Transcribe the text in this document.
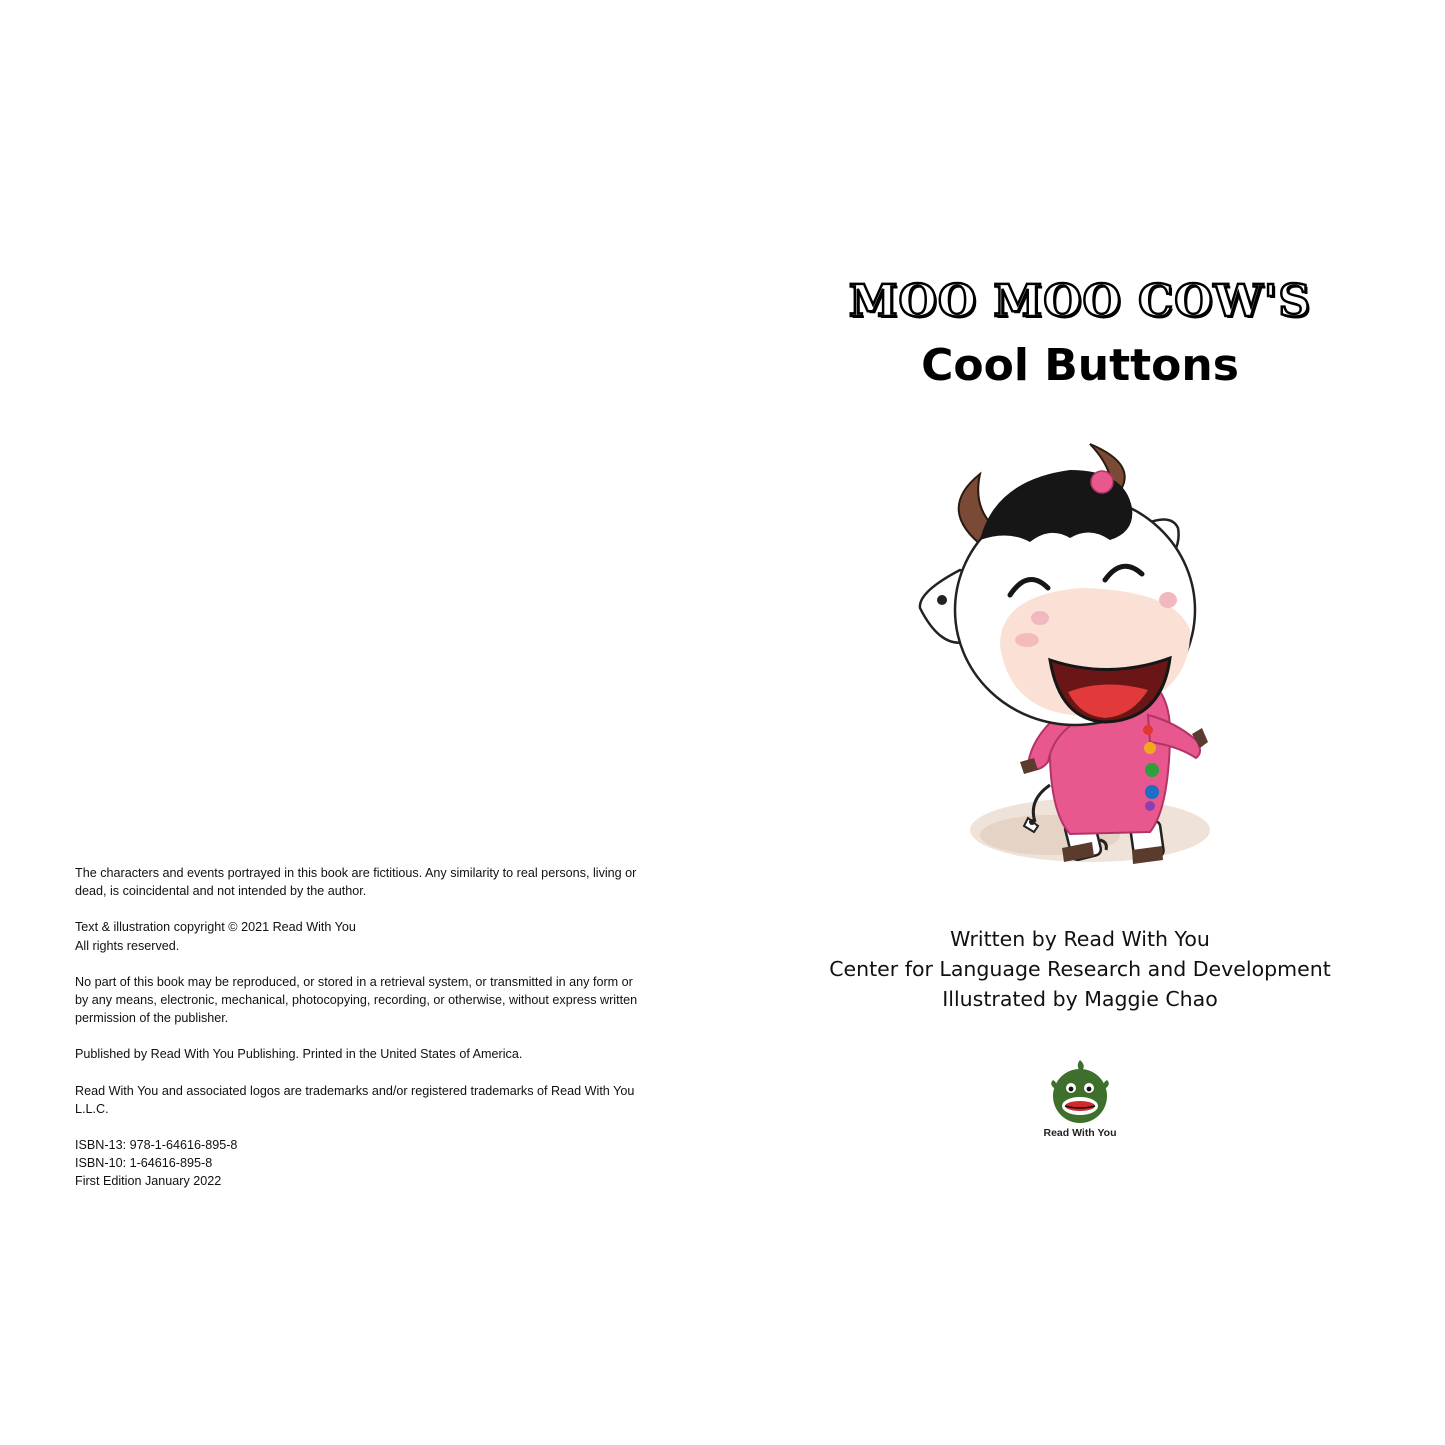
The characters and events portrayed in this book are fictitious. Any similarity to real persons, living or
dead, is coincidental and not intended by the author.

Text & illustration copyright © 2021 Read With You
All rights reserved.

No part of this book may be reproduced, or stored in a retrieval system, or transmitted in any form or
by any means, electronic, mechanical, photocopying, recording, or otherwise, without express written
permission of the publisher.

Published by Read With You Publishing. Printed in the United States of America.

Read With You and associated logos are trademarks and/or registered trademarks of Read With You
L.L.C.

ISBN-13: 978-1-64616-895-8
ISBN-10: 1-64616-895-8
First Edition January 2022

MOO MOO COW'S
Cool Buttons
Written by Read With You
Center for Language Research and Development
Illustrated by Maggie Chao
Read With You
